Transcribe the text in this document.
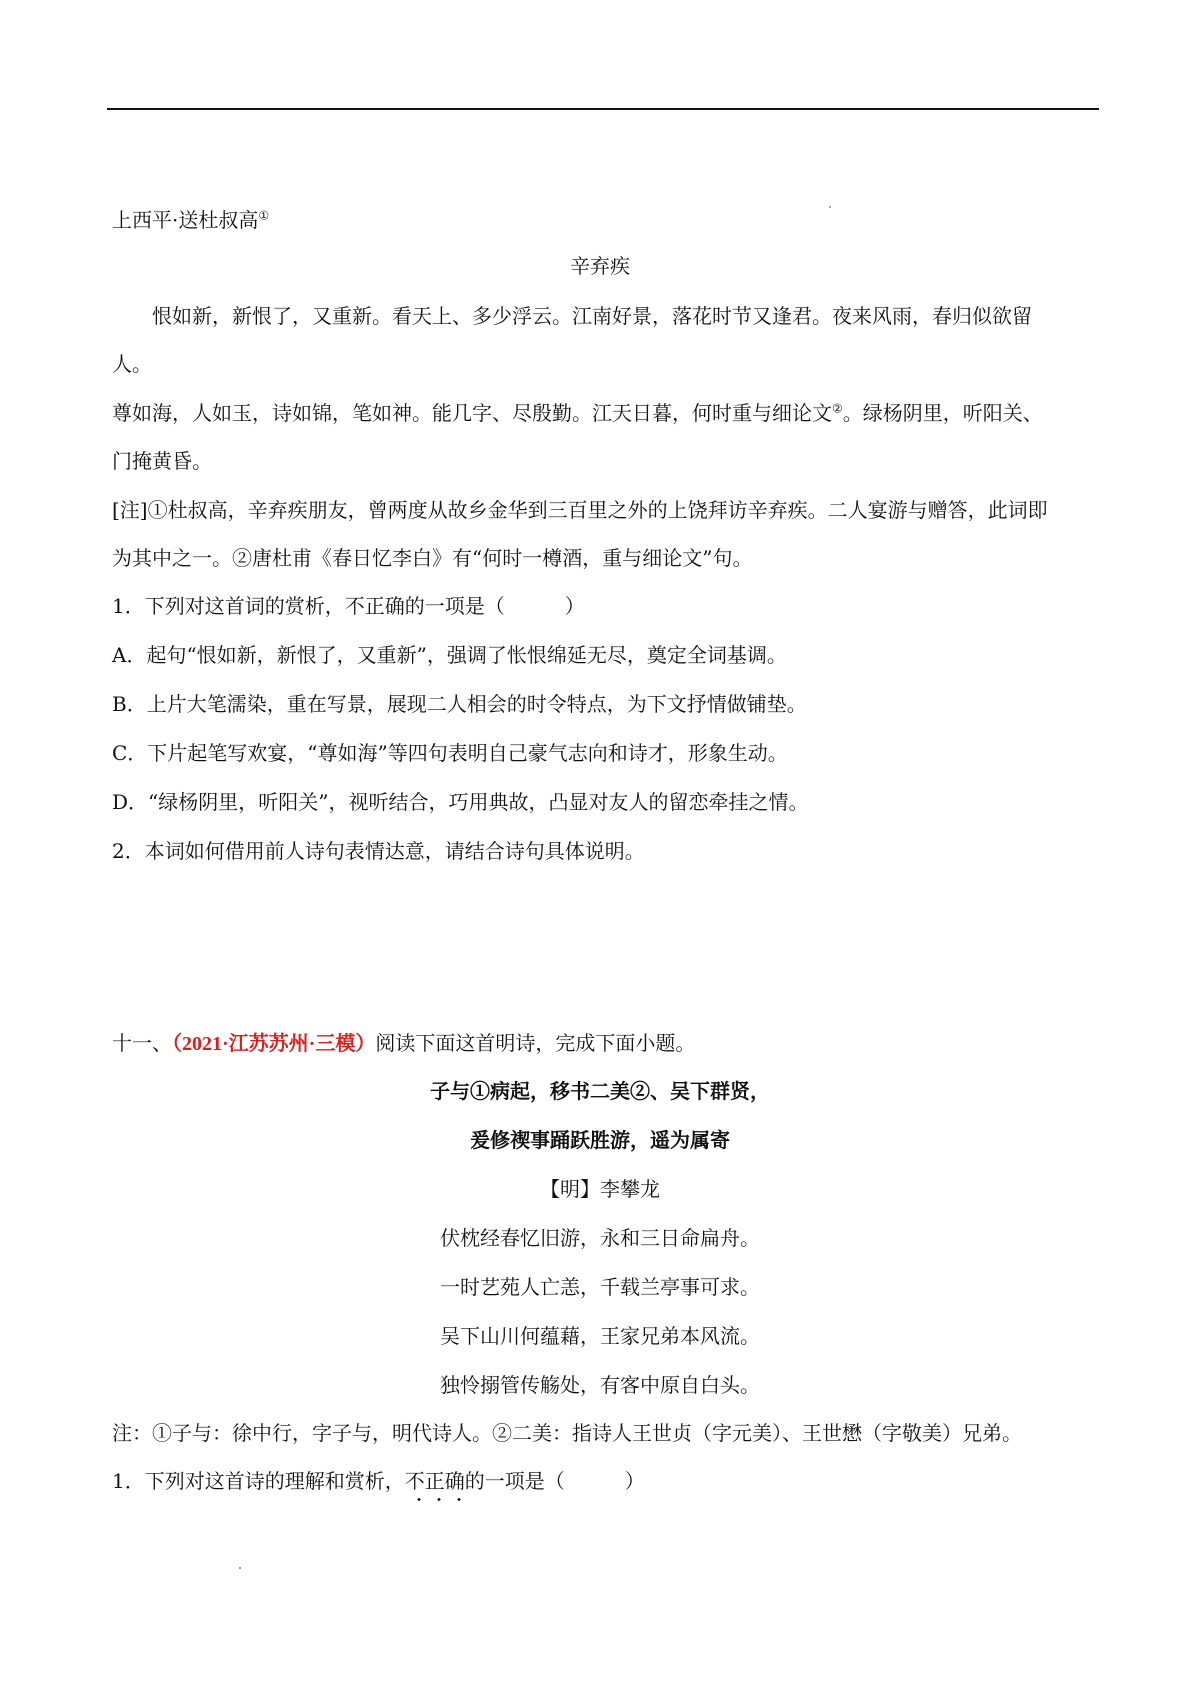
上西平·送杜叔高①
辛弃疾
恨如新，新恨了，又重新。看天上、多少浮云。江南好景，落花时节又逢君。夜来风雨，春归似欲留
人。
尊如海，人如玉，诗如锦，笔如神。能几字、尽殷勤。江天日暮，何时重与细论文②。绿杨阴里，听阳关、
门掩黄昏。
[注]①杜叔高，辛弃疾朋友，曾两度从故乡金华到三百里之外的上饶拜访辛弃疾。二人宴游与赠答，此词即
为其中之一。②唐杜甫《春日忆李白》有“何时一樽酒，重与细论文”句。
1．下列对这首词的赏析，不正确的一项是（　　　）
A．起句“恨如新，新恨了，又重新”，强调了怅恨绵延无尽，奠定全词基调。
B．上片大笔濡染，重在写景，展现二人相会的时令特点，为下文抒情做铺垫。
C．下片起笔写欢宴，“尊如海”等四句表明自己豪气志向和诗才，形象生动。
D．“绿杨阴里，听阳关”，视听结合，巧用典故，凸显对友人的留恋牵挂之情。
2．本词如何借用前人诗句表情达意，请结合诗句具体说明。
十一、（2021·江苏苏州·三模）阅读下面这首明诗，完成下面小题。
子与①病起，移书二美②、吴下群贤，
爰修禊事踊跃胜游，遥为属寄
【明】李攀龙
伏枕经春忆旧游，永和三日命扁舟。
一时艺苑人亡恙，千载兰亭事可求。
吴下山川何蕴藉，王家兄弟本风流。
独怜搦管传觞处，有客中原自白头。
注：①子与：徐中行，字子与，明代诗人。②二美：指诗人王世贞（字元美）、王世懋（字敬美）兄弟。
1．下列对这首诗的理解和赏析，不正确的一项是（　　　）
